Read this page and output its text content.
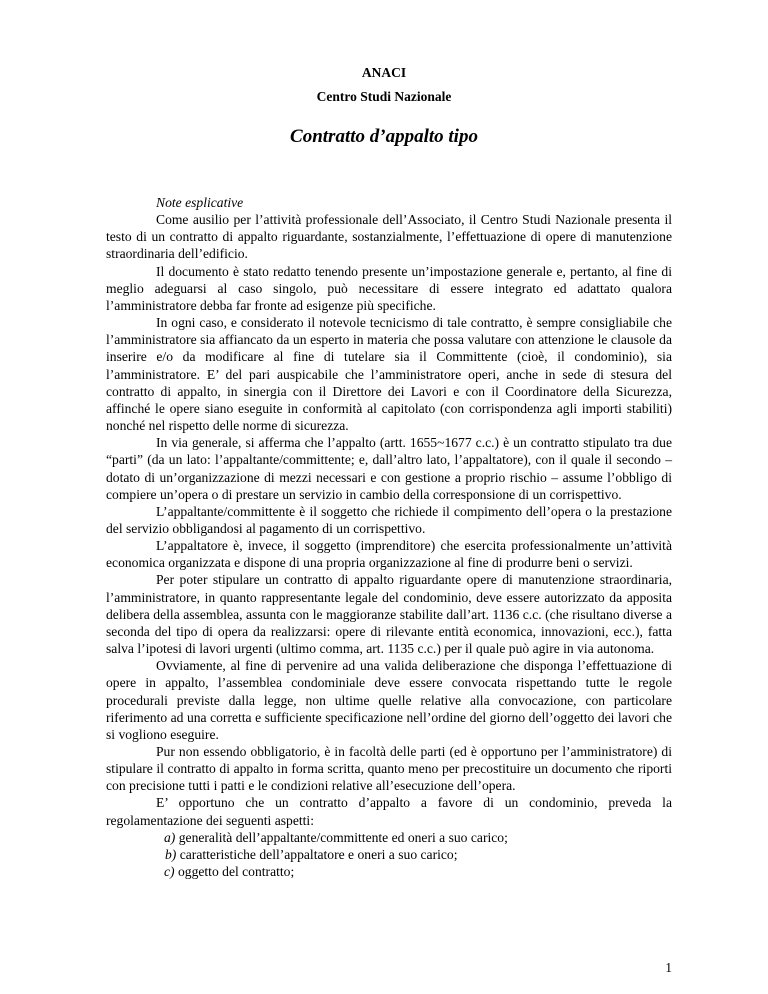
ANACI

Centro Studi Nazionale

Contratto d’appalto tipo

Note esplicative

Come ausilio per l’attività professionale dell’Associato, il Centro Studi Nazionale presenta il testo di un contratto di appalto riguardante, sostanzialmente, l’effettuazione di opere di manutenzione straordinaria dell’edificio.

Il documento è stato redatto tenendo presente un’impostazione generale e, pertanto, al fine di meglio adeguarsi al caso singolo, può necessitare di essere integrato ed adattato qualora l’amministratore debba far fronte ad esigenze più specifiche.

In ogni caso, e considerato il notevole tecnicismo di tale contratto, è sempre consigliabile che l’amministratore sia affiancato da un esperto in materia che possa valutare con attenzione le clausole da inserire e/o da modificare al fine di tutelare sia il Committente (cioè, il condominio), sia l’amministratore. E’ del pari auspicabile che l’amministratore operi, anche in sede di stesura del contratto di appalto, in sinergia con il Direttore dei Lavori e con il Coordinatore della Sicurezza, affinché le opere siano eseguite in conformità al capitolato (con corrispondenza agli importi stabiliti) nonché nel rispetto delle norme di sicurezza.

In via generale, si afferma che l’appalto (artt. 1655~1677 c.c.) è un contratto stipulato tra due “parti” (da un lato: l’appaltante/committente; e, dall’altro lato, l’appaltatore), con il quale il secondo – dotato di un’organizzazione di mezzi necessari e con gestione a proprio rischio – assume l’obbligo di compiere un’opera o di prestare un servizio in cambio della corresponsione di un corrispettivo.

L’appaltante/committente è il soggetto che richiede il compimento dell’opera o la prestazione del servizio obbligandosi al pagamento di un corrispettivo.

L’appaltatore è, invece, il soggetto (imprenditore) che esercita professionalmente un’attività economica organizzata e dispone di una propria organizzazione al fine di produrre beni o servizi.

Per poter stipulare un contratto di appalto riguardante opere di manutenzione straordinaria, l’amministratore, in quanto rappresentante legale del condominio, deve essere autorizzato da apposita delibera della assemblea, assunta con le maggioranze stabilite dall’art. 1136 c.c. (che risultano diverse a seconda del tipo di opera da realizzarsi: opere di rilevante entità economica, innovazioni, ecc.), fatta salva l’ipotesi di lavori urgenti (ultimo comma, art. 1135 c.c.) per il quale può agire in via autonoma.

Ovviamente, al fine di pervenire ad una valida deliberazione che disponga l’effettuazione di opere in appalto, l’assemblea condominiale deve essere convocata rispettando tutte le regole procedurali previste dalla legge, non ultime quelle relative alla convocazione, con particolare riferimento ad una corretta e sufficiente specificazione nell’ordine del giorno dell’oggetto dei lavori che si vogliono eseguire.

Pur non essendo obbligatorio, è in facoltà delle parti (ed è opportuno per l’amministratore) di stipulare il contratto di appalto in forma scritta, quanto meno per precostituire un documento che riporti con precisione tutti i patti e le condizioni relative all’esecuzione dell’opera.

E’ opportuno che un contratto d’appalto a favore di un condominio, preveda la regolamentazione dei seguenti aspetti:

a) generalità dell’appaltante/committente ed oneri a suo carico;

b) caratteristiche dell’appaltatore e oneri a suo carico;

c) oggetto del contratto;

1
